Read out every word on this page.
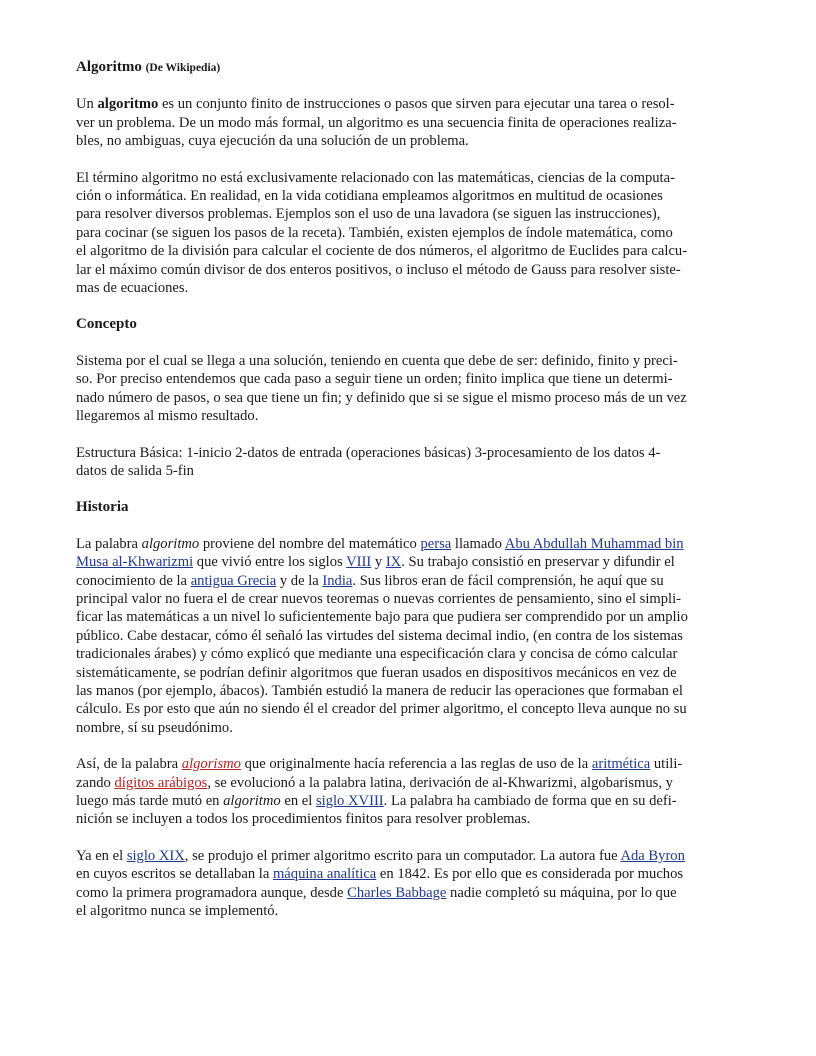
Algoritmo (De Wikipedia)

Un algoritmo es un conjunto finito de instrucciones o pasos que sirven para ejecutar una tarea o resol-
ver un problema. De un modo más formal, un algoritmo es una secuencia finita de operaciones realiza-
bles, no ambiguas, cuya ejecución da una solución de un problema.

El término algoritmo no está exclusivamente relacionado con las matemáticas, ciencias de la computa-
ción o informática. En realidad, en la vida cotidiana empleamos algoritmos en multitud de ocasiones
para resolver diversos problemas. Ejemplos son el uso de una lavadora (se siguen las instrucciones),
para cocinar (se siguen los pasos de la receta). También, existen ejemplos de índole matemática, como
el algoritmo de la división para calcular el cociente de dos números, el algoritmo de Euclides para calcu-
lar el máximo común divisor de dos enteros positivos, o incluso el método de Gauss para resolver siste-
mas de ecuaciones.

Concepto

Sistema por el cual se llega a una solución, teniendo en cuenta que debe de ser: definido, finito y preci-
so. Por preciso entendemos que cada paso a seguir tiene un orden; finito implica que tiene un determi-
nado número de pasos, o sea que tiene un fin; y definido que si se sigue el mismo proceso más de un vez
llegaremos al mismo resultado.

Estructura Básica: 1-inicio 2-datos de entrada (operaciones básicas) 3-procesamiento de los datos 4-
datos de salida 5-fin

Historia

La palabra algoritmo proviene del nombre del matemático persa llamado Abu Abdullah Muhammad bin
Musa al-Khwarizmi que vivió entre los siglos VIII y IX. Su trabajo consistió en preservar y difundir el
conocimiento de la antigua Grecia y de la India. Sus libros eran de fácil comprensión, he aquí que su
principal valor no fuera el de crear nuevos teoremas o nuevas corrientes de pensamiento, sino el simpli-
ficar las matemáticas a un nivel lo suficientemente bajo para que pudiera ser comprendido por un amplio
público. Cabe destacar, cómo él señaló las virtudes del sistema decimal indio, (en contra de los sistemas
tradicionales árabes) y cómo explicó que mediante una especificación clara y concisa de cómo calcular
sistemáticamente, se podrían definir algoritmos que fueran usados en dispositivos mecánicos en vez de
las manos (por ejemplo, ábacos). También estudió la manera de reducir las operaciones que formaban el
cálculo. Es por esto que aún no siendo él el creador del primer algoritmo, el concepto lleva aunque no su
nombre, sí su pseudónimo.

Así, de la palabra algorismo que originalmente hacía referencia a las reglas de uso de la aritmética utili-
zando dígitos arábigos, se evolucionó a la palabra latina, derivación de al-Khwarizmi, algobarismus, y
luego más tarde mutó en algoritmo en el siglo XVIII. La palabra ha cambiado de forma que en su defi-
nición se incluyen a todos los procedimientos finitos para resolver problemas.

Ya en el siglo XIX, se produjo el primer algoritmo escrito para un computador. La autora fue Ada Byron
en cuyos escritos se detallaban la máquina analítica en 1842. Es por ello que es considerada por muchos
como la primera programadora aunque, desde Charles Babbage nadie completó su máquina, por lo que
el algoritmo nunca se implementó.
